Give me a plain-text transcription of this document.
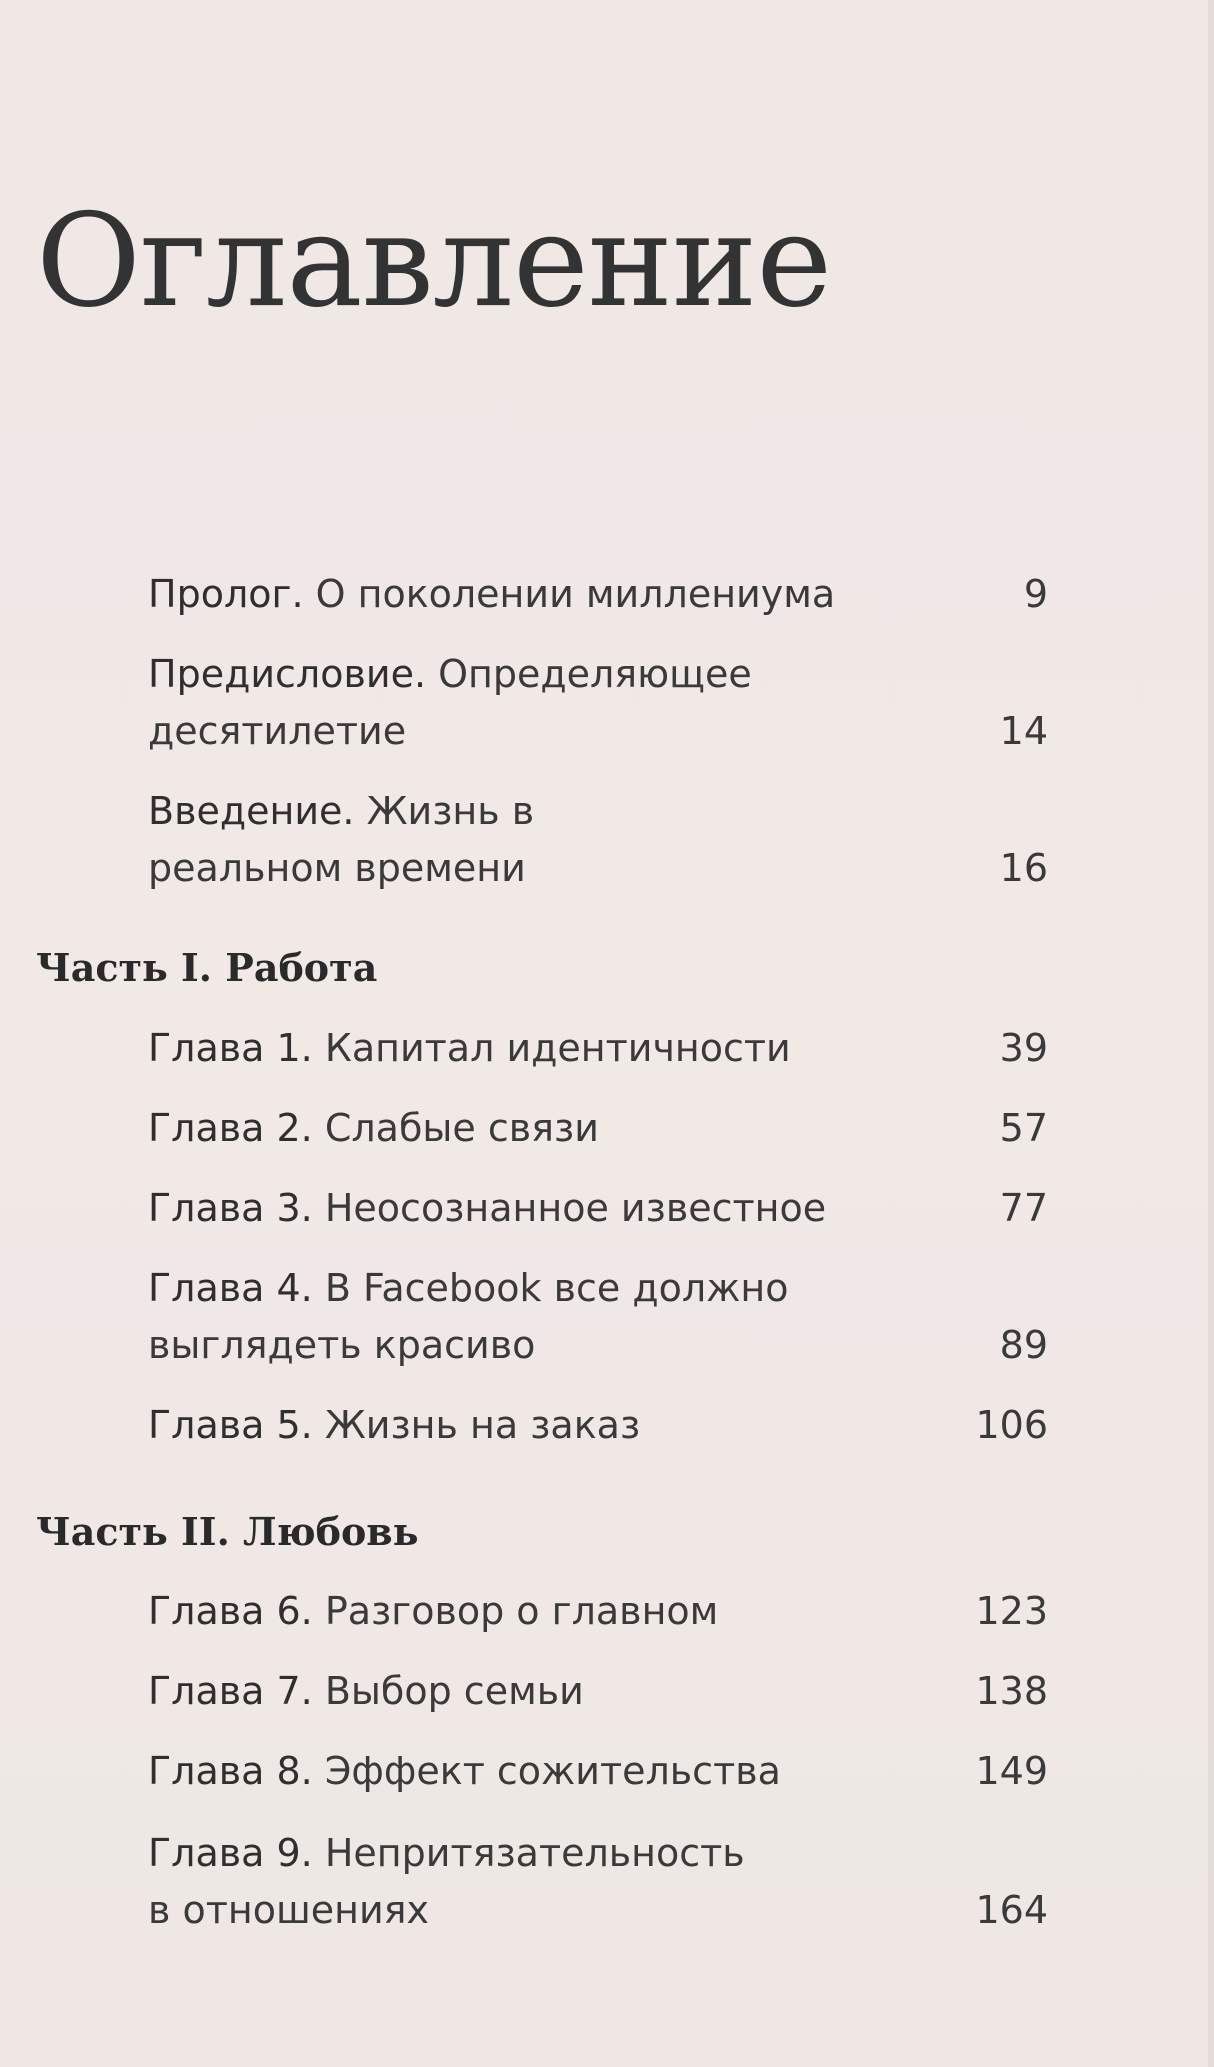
Оглавление
Пролог. О поколении миллениума	9
Предисловие. Определяющее десятилетие	14
Введение. Жизнь в реальном времени	16
Часть I. Работа
Глава 1. Капитал идентичности	39
Глава 2. Слабые связи	57
Глава 3. Неосознанное известное	77
Глава 4. В Facebook все должно выглядеть красиво	89
Глава 5. Жизнь на заказ	106
Часть II. Любовь
Глава 6. Разговор о главном	123
Глава 7. Выбор семьи	138
Глава 8. Эффект сожительства	149
Глава 9. Непритязательность в отношениях	164
